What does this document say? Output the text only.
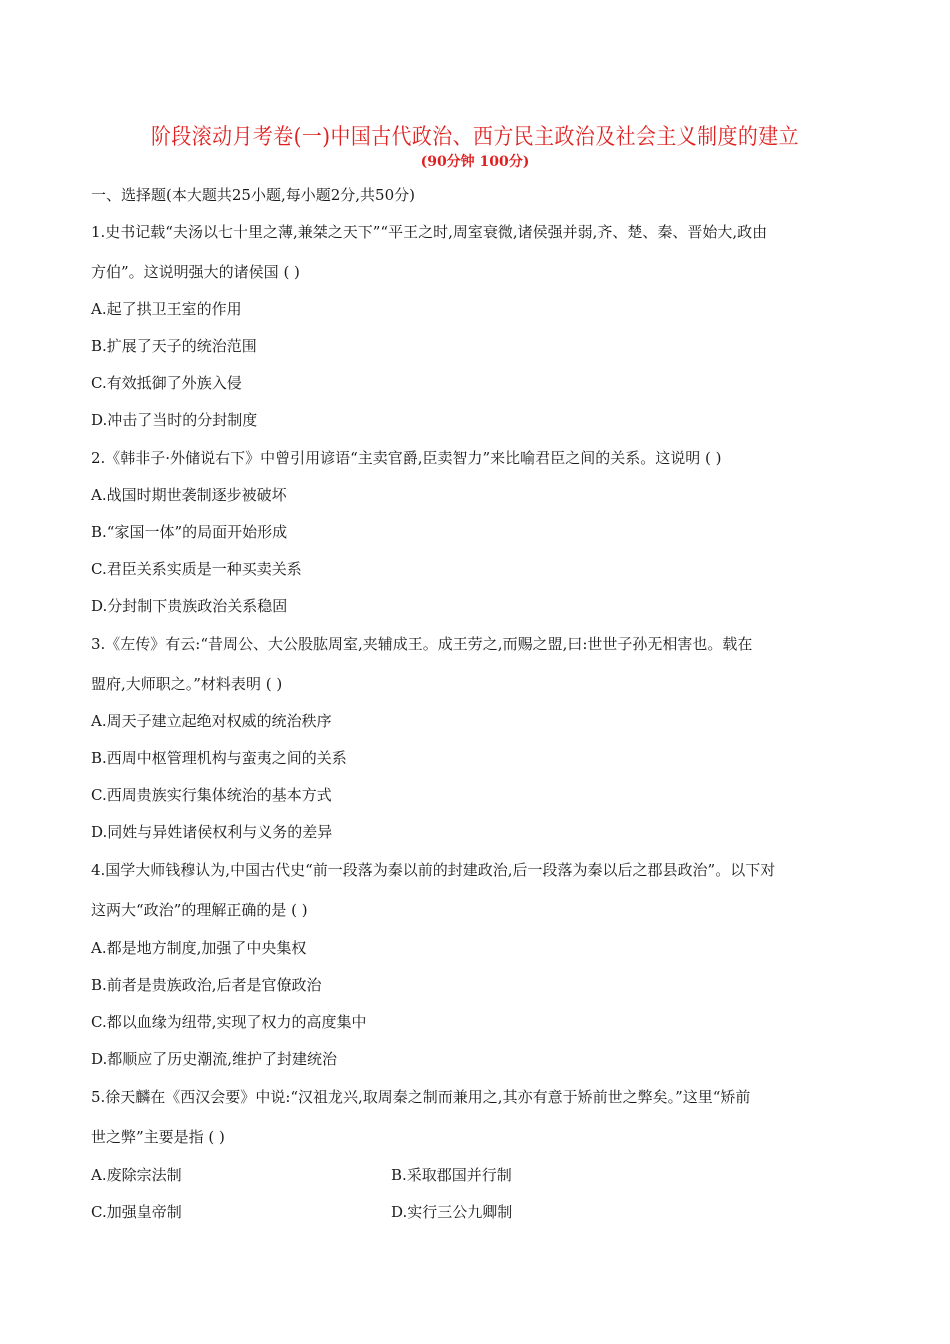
阶段滚动月考卷(一)中国古代政治、西方民主政治及社会主义制度的建立
(90分钟 100分)
一、选择题(本大题共25小题,每小题2分,共50分)
1.史书记载“夫汤以七十里之薄,兼桀之天下”“平王之时,周室衰微,诸侯强并弱,齐、楚、秦、晋始大,政由
方伯”。这说明强大的诸侯国 ( )
A.起了拱卫王室的作用
B.扩展了天子的统治范围
C.有效抵御了外族入侵
D.冲击了当时的分封制度
2.《韩非子·外储说右下》中曾引用谚语“主卖官爵,臣卖智力”来比喻君臣之间的关系。这说明 ( )
A.战国时期世袭制逐步被破坏
B.“家国一体”的局面开始形成
C.君臣关系实质是一种买卖关系
D.分封制下贵族政治关系稳固
3.《左传》有云:“昔周公、大公股肱周室,夹辅成王。成王劳之,而赐之盟,曰:世世子孙无相害也。载在
盟府,大师职之。”材料表明 ( )
A.周天子建立起绝对权威的统治秩序
B.西周中枢管理机构与蛮夷之间的关系
C.西周贵族实行集体统治的基本方式
D.同姓与异姓诸侯权利与义务的差异
4.国学大师钱穆认为,中国古代史“前一段落为秦以前的封建政治,后一段落为秦以后之郡县政治”。以下对
这两大“政治”的理解正确的是 ( )
A.都是地方制度,加强了中央集权
B.前者是贵族政治,后者是官僚政治
C.都以血缘为纽带,实现了权力的高度集中
D.都顺应了历史潮流,维护了封建统治
5.徐天麟在《西汉会要》中说:“汉祖龙兴,取周秦之制而兼用之,其亦有意于矫前世之弊矣。”这里“矫前
世之弊”主要是指 ( )
A.废除宗法制	B.采取郡国并行制
C.加强皇帝制	D.实行三公九卿制
